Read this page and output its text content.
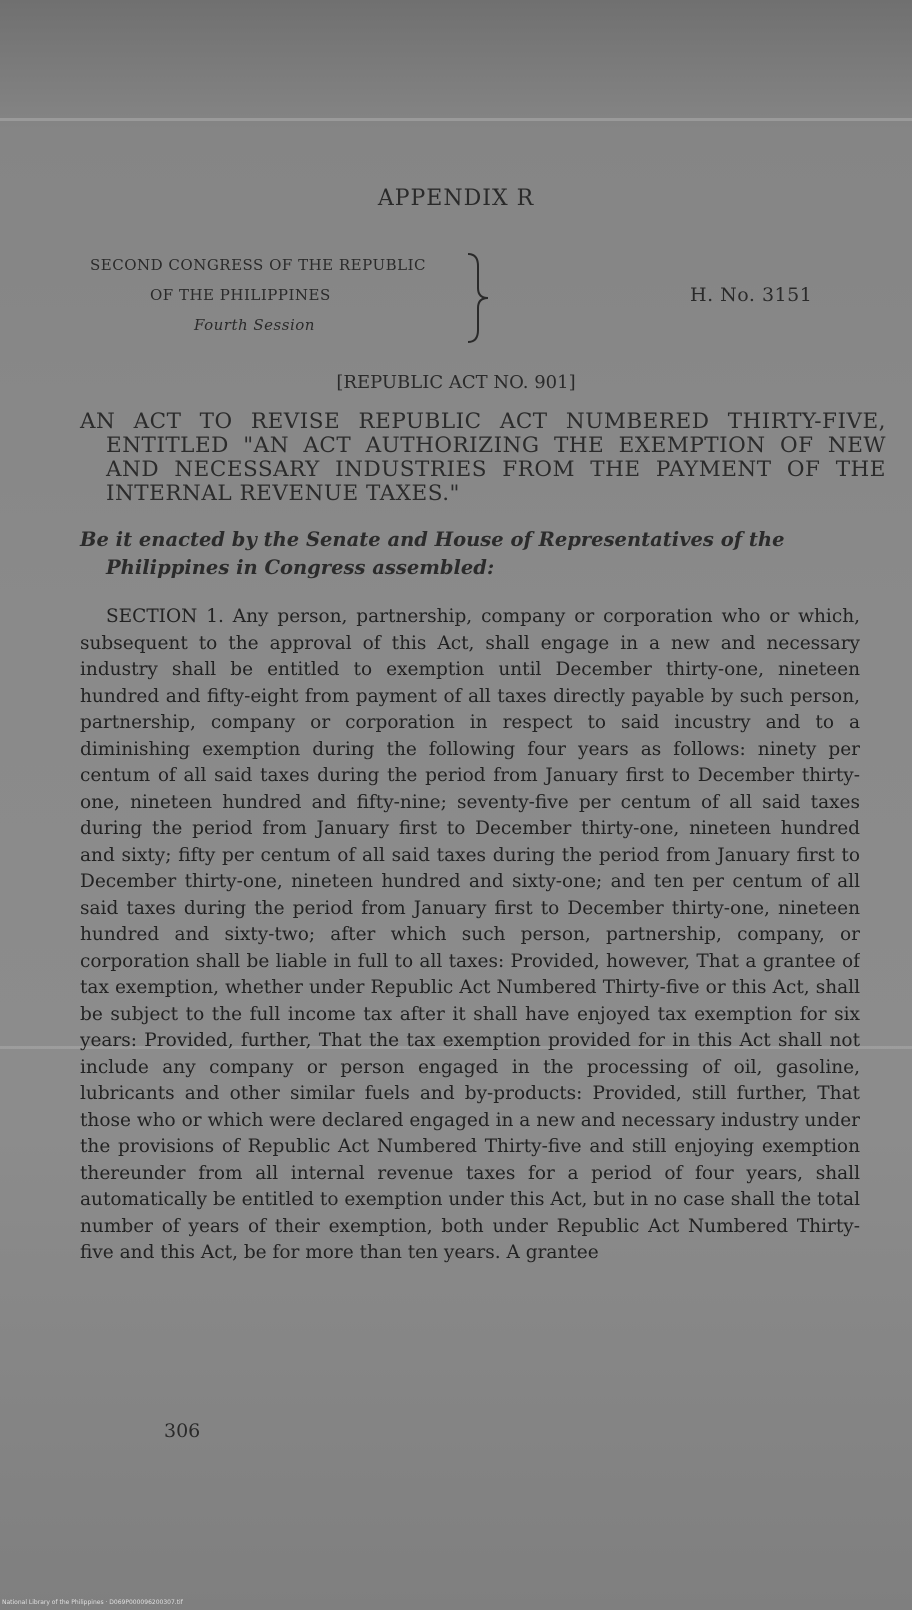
APPENDIX R
SECOND CONGRESS OF THE REPUBLIC
OF THE PHILIPPINES
Fourth Session
H. No. 3151
[REPUBLIC ACT NO. 901]
AN ACT TO REVISE REPUBLIC ACT NUMBERED THIRTY-FIVE, ENTITLED "AN ACT AUTHORIZING THE EXEMPTION OF NEW AND NECESSARY INDUSTRIES FROM THE PAYMENT OF THE INTERNAL REVENUE TAXES."
Be it enacted by the Senate and House of Representatives of the Philippines in Congress assembled:
SECTION 1. Any person, partnership, company or corporation who or which, subsequent to the approval of this Act, shall engage in a new and necessary industry shall be entitled to exemption until December thirty-one, nineteen hundred and fifty-eight from payment of all taxes directly payable by such person, partnership, company or corporation in respect to said incustry and to a diminishing exemption during the following four years as follows: ninety per centum of all said taxes during the period from January first to December thirty-one, nineteen hundred and fifty-nine; seventy-five per centum of all said taxes during the period from January first to December thirty-one, nineteen hundred and sixty; fifty per centum of all said taxes during the period from January first to December thirty-one, nineteen hundred and sixty-one; and ten per centum of all said taxes during the period from January first to December thirty-one, nineteen hundred and sixty-two; after which such person, partnership, company, or corporation shall be liable in full to all taxes: Provided, however, That a grantee of tax exemption, whether under Republic Act Numbered Thirty-five or this Act, shall be subject to the full income tax after it shall have enjoyed tax exemption for six years: Provided, further, That the tax exemption provided for in this Act shall not include any company or person engaged in the processing of oil, gasoline, lubricants and other similar fuels and by-products: Provided, still further, That those who or which were declared engaged in a new and necessary industry under the provisions of Republic Act Numbered Thirty-five and still enjoying exemption thereunder from all internal revenue taxes for a period of four years, shall automatically be entitled to exemption under this Act, but in no case shall the total number of years of their exemption, both under Republic Act Numbered Thirty-five and this Act, be for more than ten years. A grantee
306
National Library of the Philippines · D069P000096200307.tif
